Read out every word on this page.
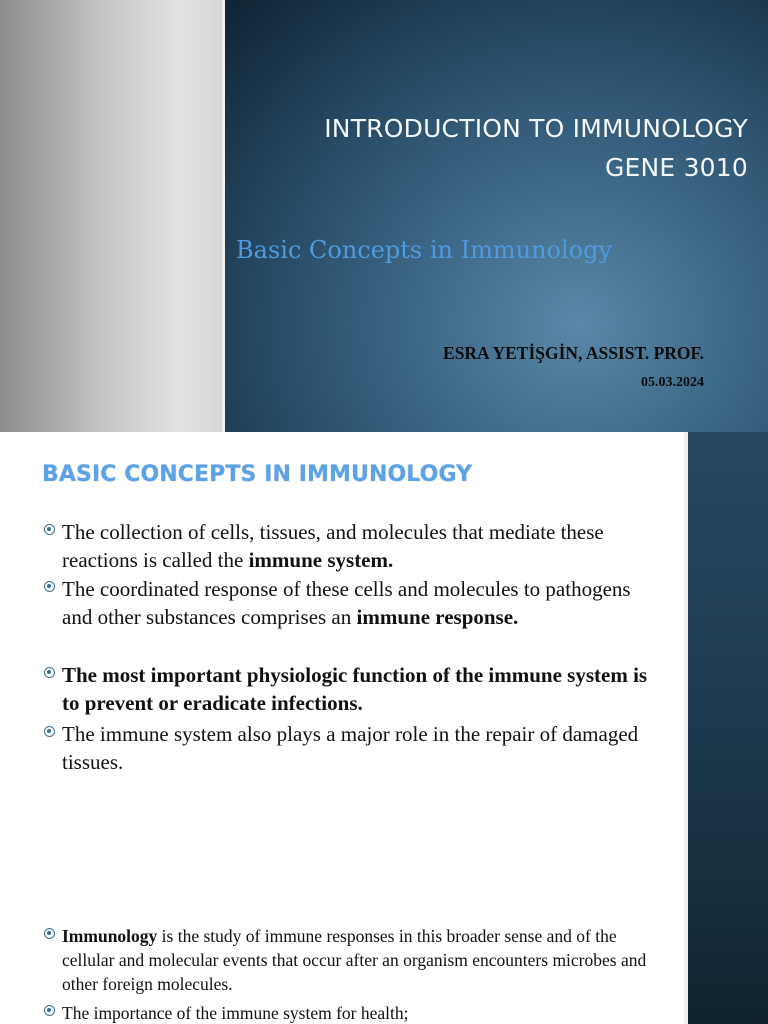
INTRODUCTION TO IMMUNOLOGY
GENE 3010
Basic Concepts in Immunology
ESRA YETİŞGİN, ASSIST. PROF.
05.03.2024
BASIC CONCEPTS IN IMMUNOLOGY
The collection of cells, tissues, and molecules that mediate these reactions is called the immune system.
The coordinated response of these cells and molecules to pathogens and other substances comprises an immune response.
The most important physiologic function of the immune system is to prevent or eradicate infections.
The immune system also plays a major role in the repair of damaged tissues.
Immunology is the study of immune responses in this broader sense and of the cellular and molecular events that occur after an organism encounters microbes and other foreign molecules.
The importance of the immune system for health;
